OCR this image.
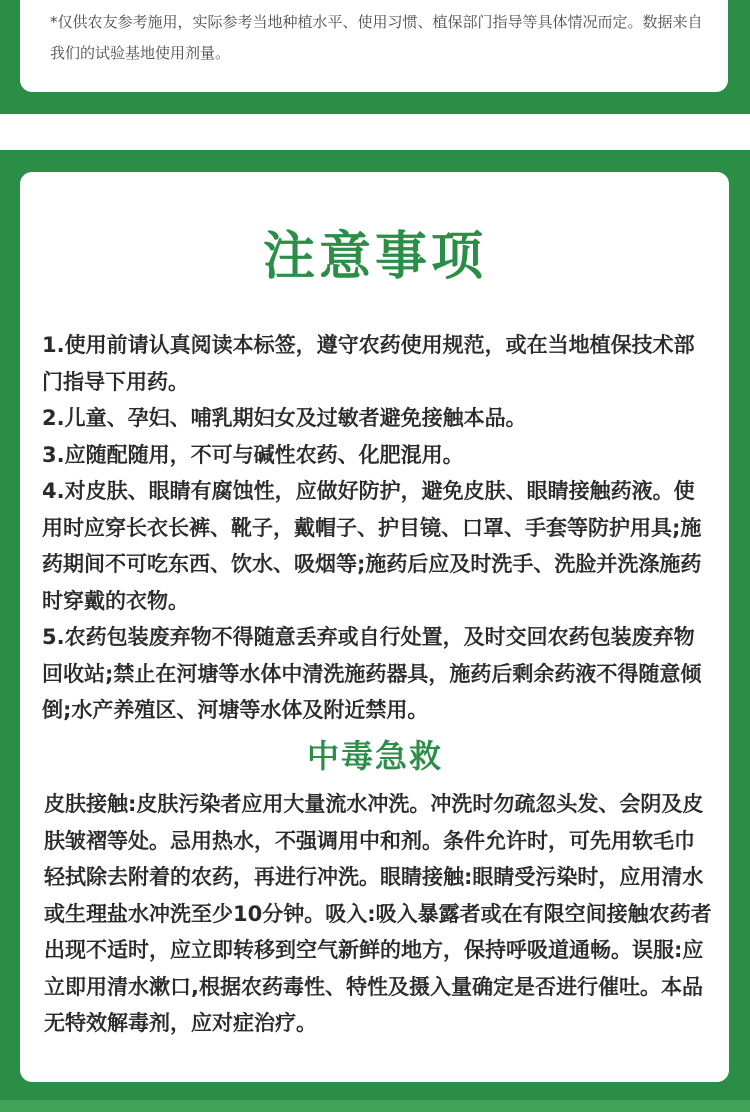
*仅供农友参考施用，实际参考当地种植水平、使用习惯、植保部门指导等具体情况而定。数据来自我们的试验基地使用剂量。

注意事项
1.使用前请认真阅读本标签，遵守农药使用规范，或在当地植保技术部门指导下用药。
2.儿童、孕妇、哺乳期妇女及过敏者避免接触本品。
3.应随配随用，不可与碱性农药、化肥混用。
4.对皮肤、眼睛有腐蚀性，应做好防护，避免皮肤、眼睛接触药液。使用时应穿长衣长裤、靴子，戴帽子、护目镜、口罩、手套等防护用具;施药期间不可吃东西、饮水、吸烟等;施药后应及时洗手、洗脸并洗涤施药时穿戴的衣物。
5.农药包装废弃物不得随意丢弃或自行处置，及时交回农药包装废弃物回收站;禁止在河塘等水体中清洗施药器具，施药后剩余药液不得随意倾倒;水产养殖区、河塘等水体及附近禁用。
中毒急救

皮肤接触:皮肤污染者应用大量流水冲洗。冲洗时勿疏忽头发、会阴及皮肤皱褶等处。忌用热水，不强调用中和剂。条件允许时，可先用软毛巾轻拭除去附着的农药，再进行冲洗。眼睛接触:眼睛受污染时，应用清水或生理盐水冲洗至少10分钟。吸入:吸入暴露者或在有限空间接触农药者出现不适时，应立即转移到空气新鲜的地方，保持呼吸道通畅。误服:应立即用清水漱口,根据农药毒性、特性及摄入量确定是否进行催吐。本品无特效解毒剂，应对症治疗。
